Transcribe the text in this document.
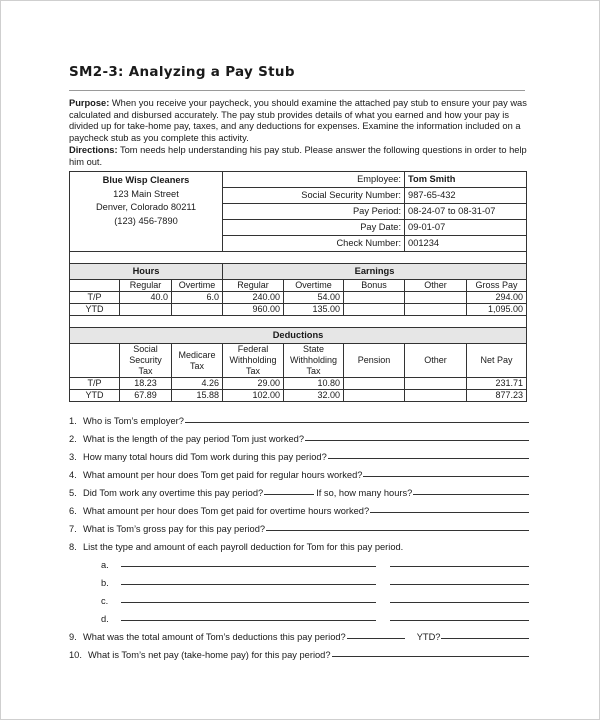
SM2-3: Analyzing a Pay Stub
Purpose: When you receive your paycheck, you should examine the attached pay stub to ensure your pay was calculated and disbursed accurately. The pay stub provides details of what you earned and how your pay is divided up for take-home pay, taxes, and any deductions for expenses. Examine the information included on a paycheck stub as you complete this activity.
Directions: Tom needs help understanding his pay stub. Please answer the following questions in order to help him out.
Blue Wisp Cleaners
123 Main Street
Denver, Colorado 80211
(123) 456-7890			Employee:			Tom Smith	
			Social Security Number:			987-65-432	
			Pay Period:			08-24-07 to 08-31-07	
			Pay Date:			09-01-07	
			Check Number:			001234	

Hours			Earnings				
	Regular	Overtime	Regular	Overtime	Bonus	Other	Gross Pay
T/P	40.0	6.0	240.00	54.00			294.00
YTD			960.00	135.00			1,095.00

Deductions							
	Social Security Tax	Medicare Tax	Federal Withholding Tax	State Withholding Tax	Pension	Other	Net Pay
T/P	18.23	4.26	29.00	10.80			231.71
YTD	67.89	15.88	102.00	32.00			877.23
1. Who is Tom’s employer?
2. What is the length of the pay period Tom just worked?
3. How many total hours did Tom work during this pay period?
4. What amount per hour does Tom get paid for regular hours worked?
5. Did Tom work any overtime this pay period?	If so, how many hours?
6. What amount per hour does Tom get paid for overtime hours worked?
7. What is Tom’s gross pay for this pay period?
8. List the type and amount of each payroll deduction for Tom for this pay period.
a.
b.
c.
d.
9. What was the total amount of Tom’s deductions this pay period?	YTD?
10. What is Tom’s net pay (take-home pay) for this pay period?
